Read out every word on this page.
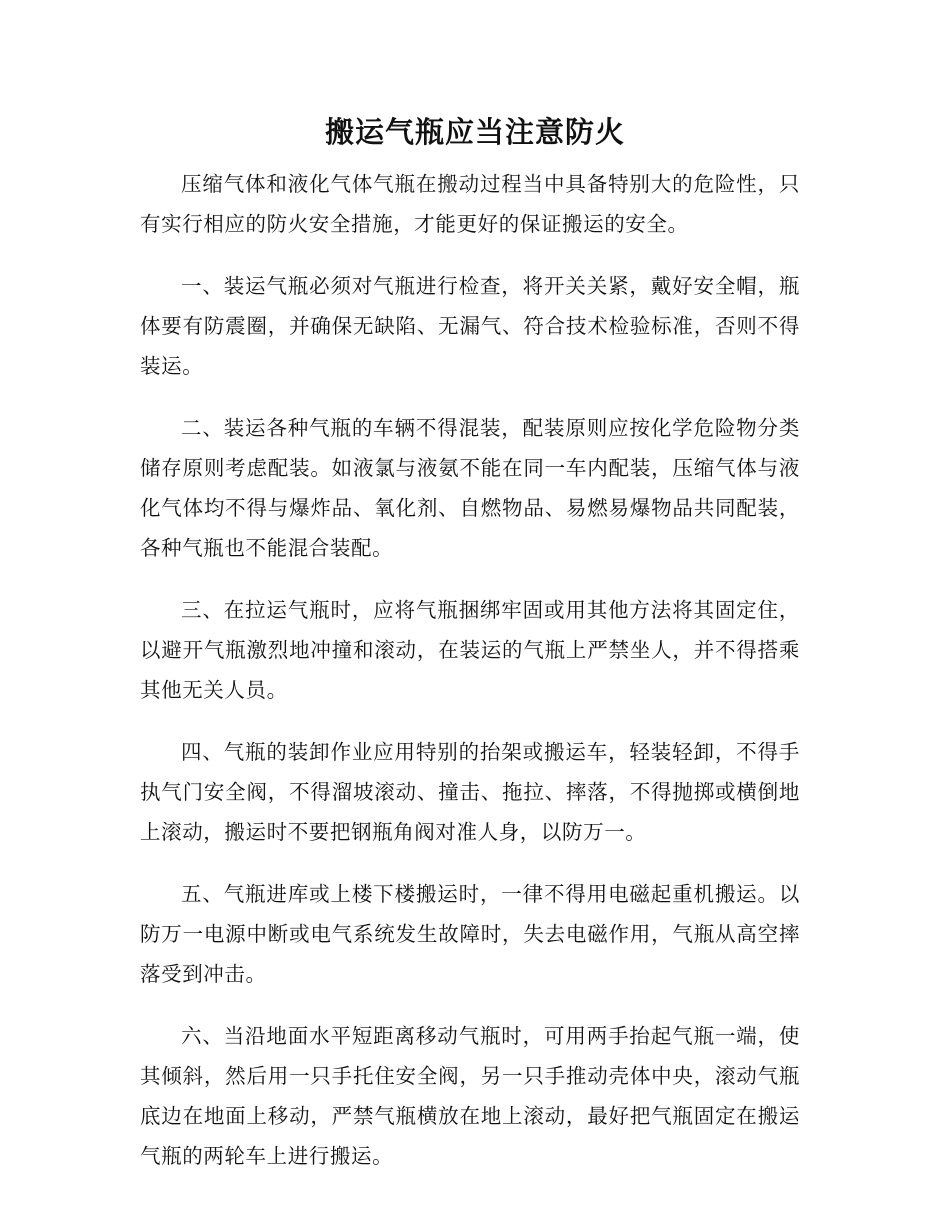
搬运气瓶应当注意防火

压缩气体和液化气体气瓶在搬动过程当中具备特别大的危险性，只有实行相应的防火安全措施，才能更好的保证搬运的安全。

一、装运气瓶必须对气瓶进行检查，将开关关紧，戴好安全帽，瓶体要有防震圈，并确保无缺陷、无漏气、符合技术检验标准，否则不得装运。

二、装运各种气瓶的车辆不得混装，配装原则应按化学危险物分类储存原则考虑配装。如液氯与液氨不能在同一车内配装，压缩气体与液化气体均不得与爆炸品、氧化剂、自燃物品、易燃易爆物品共同配装，各种气瓶也不能混合装配。

三、在拉运气瓶时，应将气瓶捆绑牢固或用其他方法将其固定住，以避开气瓶激烈地冲撞和滚动，在装运的气瓶上严禁坐人，并不得搭乘其他无关人员。

四、气瓶的装卸作业应用特别的抬架或搬运车，轻装轻卸，不得手执气门安全阀，不得溜坡滚动、撞击、拖拉、摔落，不得抛掷或横倒地上滚动，搬运时不要把钢瓶角阀对准人身，以防万一。

五、气瓶进库或上楼下楼搬运时，一律不得用电磁起重机搬运。以防万一电源中断或电气系统发生故障时，失去电磁作用，气瓶从高空摔落受到冲击。

六、当沿地面水平短距离移动气瓶时，可用两手抬起气瓶一端，使其倾斜，然后用一只手托住安全阀，另一只手推动壳体中央，滚动气瓶底边在地面上移动，严禁气瓶横放在地上滚动，最好把气瓶固定在搬运气瓶的两轮车上进行搬运。
